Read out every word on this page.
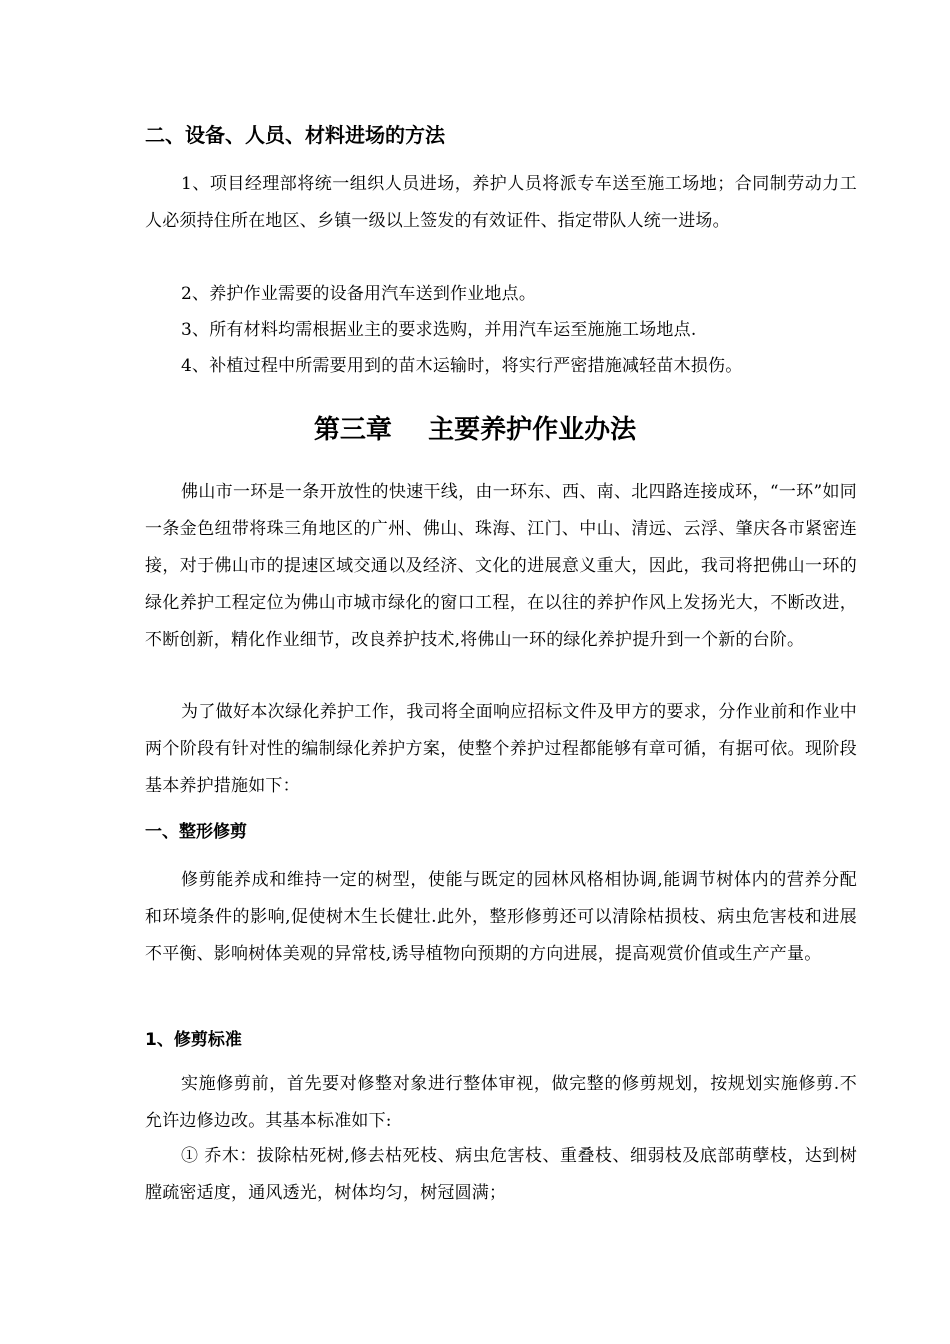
二、设备、人员、材料进场的方法
1、项目经理部将统一组织人员进场，养护人员将派专车送至施工场地；合同制劳动力工人必须持住所在地区、乡镇一级以上签发的有效证件、指定带队人统一进场。
2、养护作业需要的设备用汽车送到作业地点。
3、所有材料均需根据业主的要求选购，并用汽车运至施施工场地点.
4、补植过程中所需要用到的苗木运输时，将实行严密措施减轻苗木损伤。
第三章    主要养护作业办法
佛山市一环是一条开放性的快速干线，由一环东、西、南、北四路连接成环，“一环”如同一条金色纽带将珠三角地区的广州、佛山、珠海、江门、中山、清远、云浮、肇庆各市紧密连接，对于佛山市的提速区域交通以及经济、文化的进展意义重大，因此，我司将把佛山一环的绿化养护工程定位为佛山市城市绿化的窗口工程，在以往的养护作风上发扬光大，不断改进，不断创新，精化作业细节，改良养护技术,将佛山一环的绿化养护提升到一个新的台阶。
为了做好本次绿化养护工作，我司将全面响应招标文件及甲方的要求，分作业前和作业中两个阶段有针对性的编制绿化养护方案，使整个养护过程都能够有章可循，有据可依。现阶段基本养护措施如下：
一、整形修剪
修剪能养成和维持一定的树型，使能与既定的园林风格相协调,能调节树体内的营养分配和环境条件的影响,促使树木生长健壮.此外，整形修剪还可以清除枯损枝、病虫危害枝和进展不平衡、影响树体美观的异常枝,诱导植物向预期的方向进展，提高观赏价值或生产产量。
1、修剪标准
实施修剪前，首先要对修整对象进行整体审视，做完整的修剪规划，按规划实施修剪.不允许边修边改。其基本标准如下:
① 乔木：拔除枯死树,修去枯死枝、病虫危害枝、重叠枝、细弱枝及底部萌孽枝，达到树膛疏密适度，通风透光，树体均匀，树冠圆满；
